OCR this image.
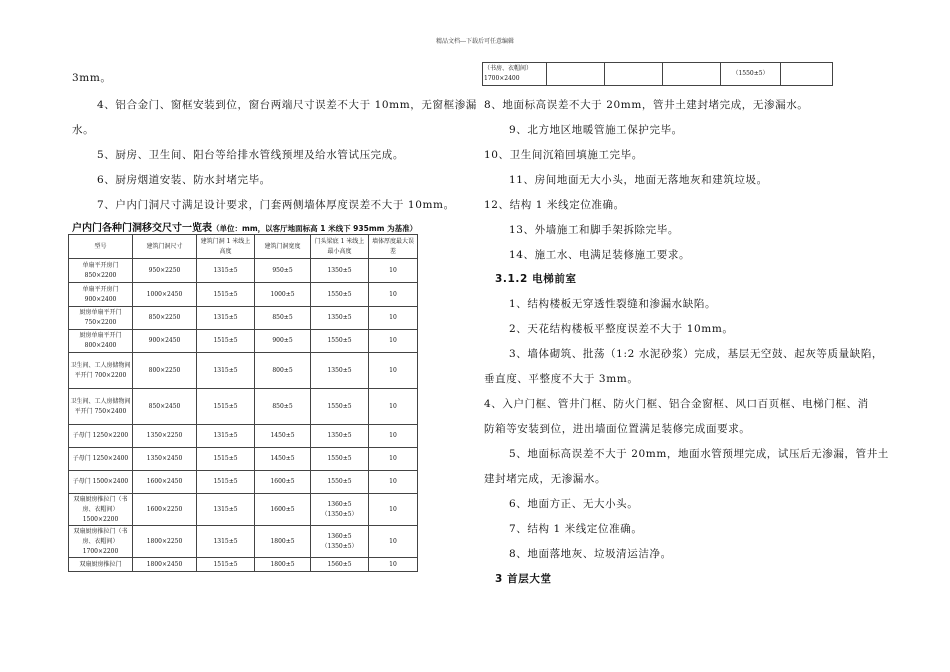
精品文档---下载后可任意编辑
3mm。
4、铝合金门、窗框安装到位，窗台两端尺寸误差不大于 10mm，无窗框渗漏
水。
5、厨房、卫生间、阳台等给排水管线预埋及给水管试压完成。
6、厨房烟道安装、防水封堵完毕。
7、户内门洞尺寸满足设计要求，门套两侧墙体厚度误差不大于 10mm。
户内门各种门洞移交尺寸一览表（单位：mm，以客厅地面标高 1 米线下 935mm 为基准）
型号	建筑门洞尺寸	建筑门洞 1 米线上高度	建筑门洞宽度	门头梁底 1 米线上最小高度	墙体厚度最大误差
单扇平开房门 850×2200	950×2250	1315±5	950±5	1350±5	10
单扇平开房门 900×2400	1000×2450	1515±5	1000±5	1550±5	10
厨房单扇平开门 750×2200	850×2250	1315±5	850±5	1350±5	10
厨房单扇平开门 800×2400	900×2450	1515±5	900±5	1550±5	10
卫生间、工人房储物间平开门 700×2200	800×2250	1315±5	800±5	1350±5	10
卫生间、工人房储物间平开门 750×2400	850×2450	1515±5	850±5	1550±5	10
子母门 1250×2200	1350×2250	1315±5	1450±5	1350±5	10
子母门 1250×2400	1350×2450	1515±5	1450±5	1550±5	10
子母门 1500×2400	1600×2450	1515±5	1600±5	1550±5	10
双扇厨房推拉门（书房、衣帽间）1500×2200	1600×2250	1315±5	1600±5	1360±5（1350±5）	10
双扇厨房推拉门（书房、衣帽间）1700×2200	1800×2250	1315±5	1800±5	1360±5（1350±5）	10
双扇厨房推拉门	1800×2450	1515±5	1800±5	1560±5	10
（书房、衣帽间）1700×2400				（1550±5）	
8、地面标高误差不大于 20mm，管井土建封堵完成，无渗漏水。
9、北方地区地暖管施工保护完毕。
10、卫生间沉箱回填施工完毕。
11、房间地面无大小头，地面无落地灰和建筑垃圾。
12、结构 1 米线定位准确。
13、外墙施工和脚手架拆除完毕。
14、施工水、电满足装修施工要求。
3.1.2 电梯前室
1、结构楼板无穿透性裂缝和渗漏水缺陷。
2、天花结构楼板平整度误差不大于 10mm。
3、墙体砌筑、批荡（1:2 水泥砂浆）完成，基层无空鼓、起灰等质量缺陷，
垂直度、平整度不大于 3mm。
4、入户门框、管井门框、防火门框、铝合金窗框、风口百页框、电梯门框、消
防箱等安装到位，进出墙面位置满足装修完成面要求。
5、地面标高误差不大于 20mm，地面水管预埋完成，试压后无渗漏，管井土
建封堵完成，无渗漏水。
6、地面方正、无大小头。
7、结构 1 米线定位准确。
8、地面落地灰、垃圾清运洁净。
3 首层大堂
